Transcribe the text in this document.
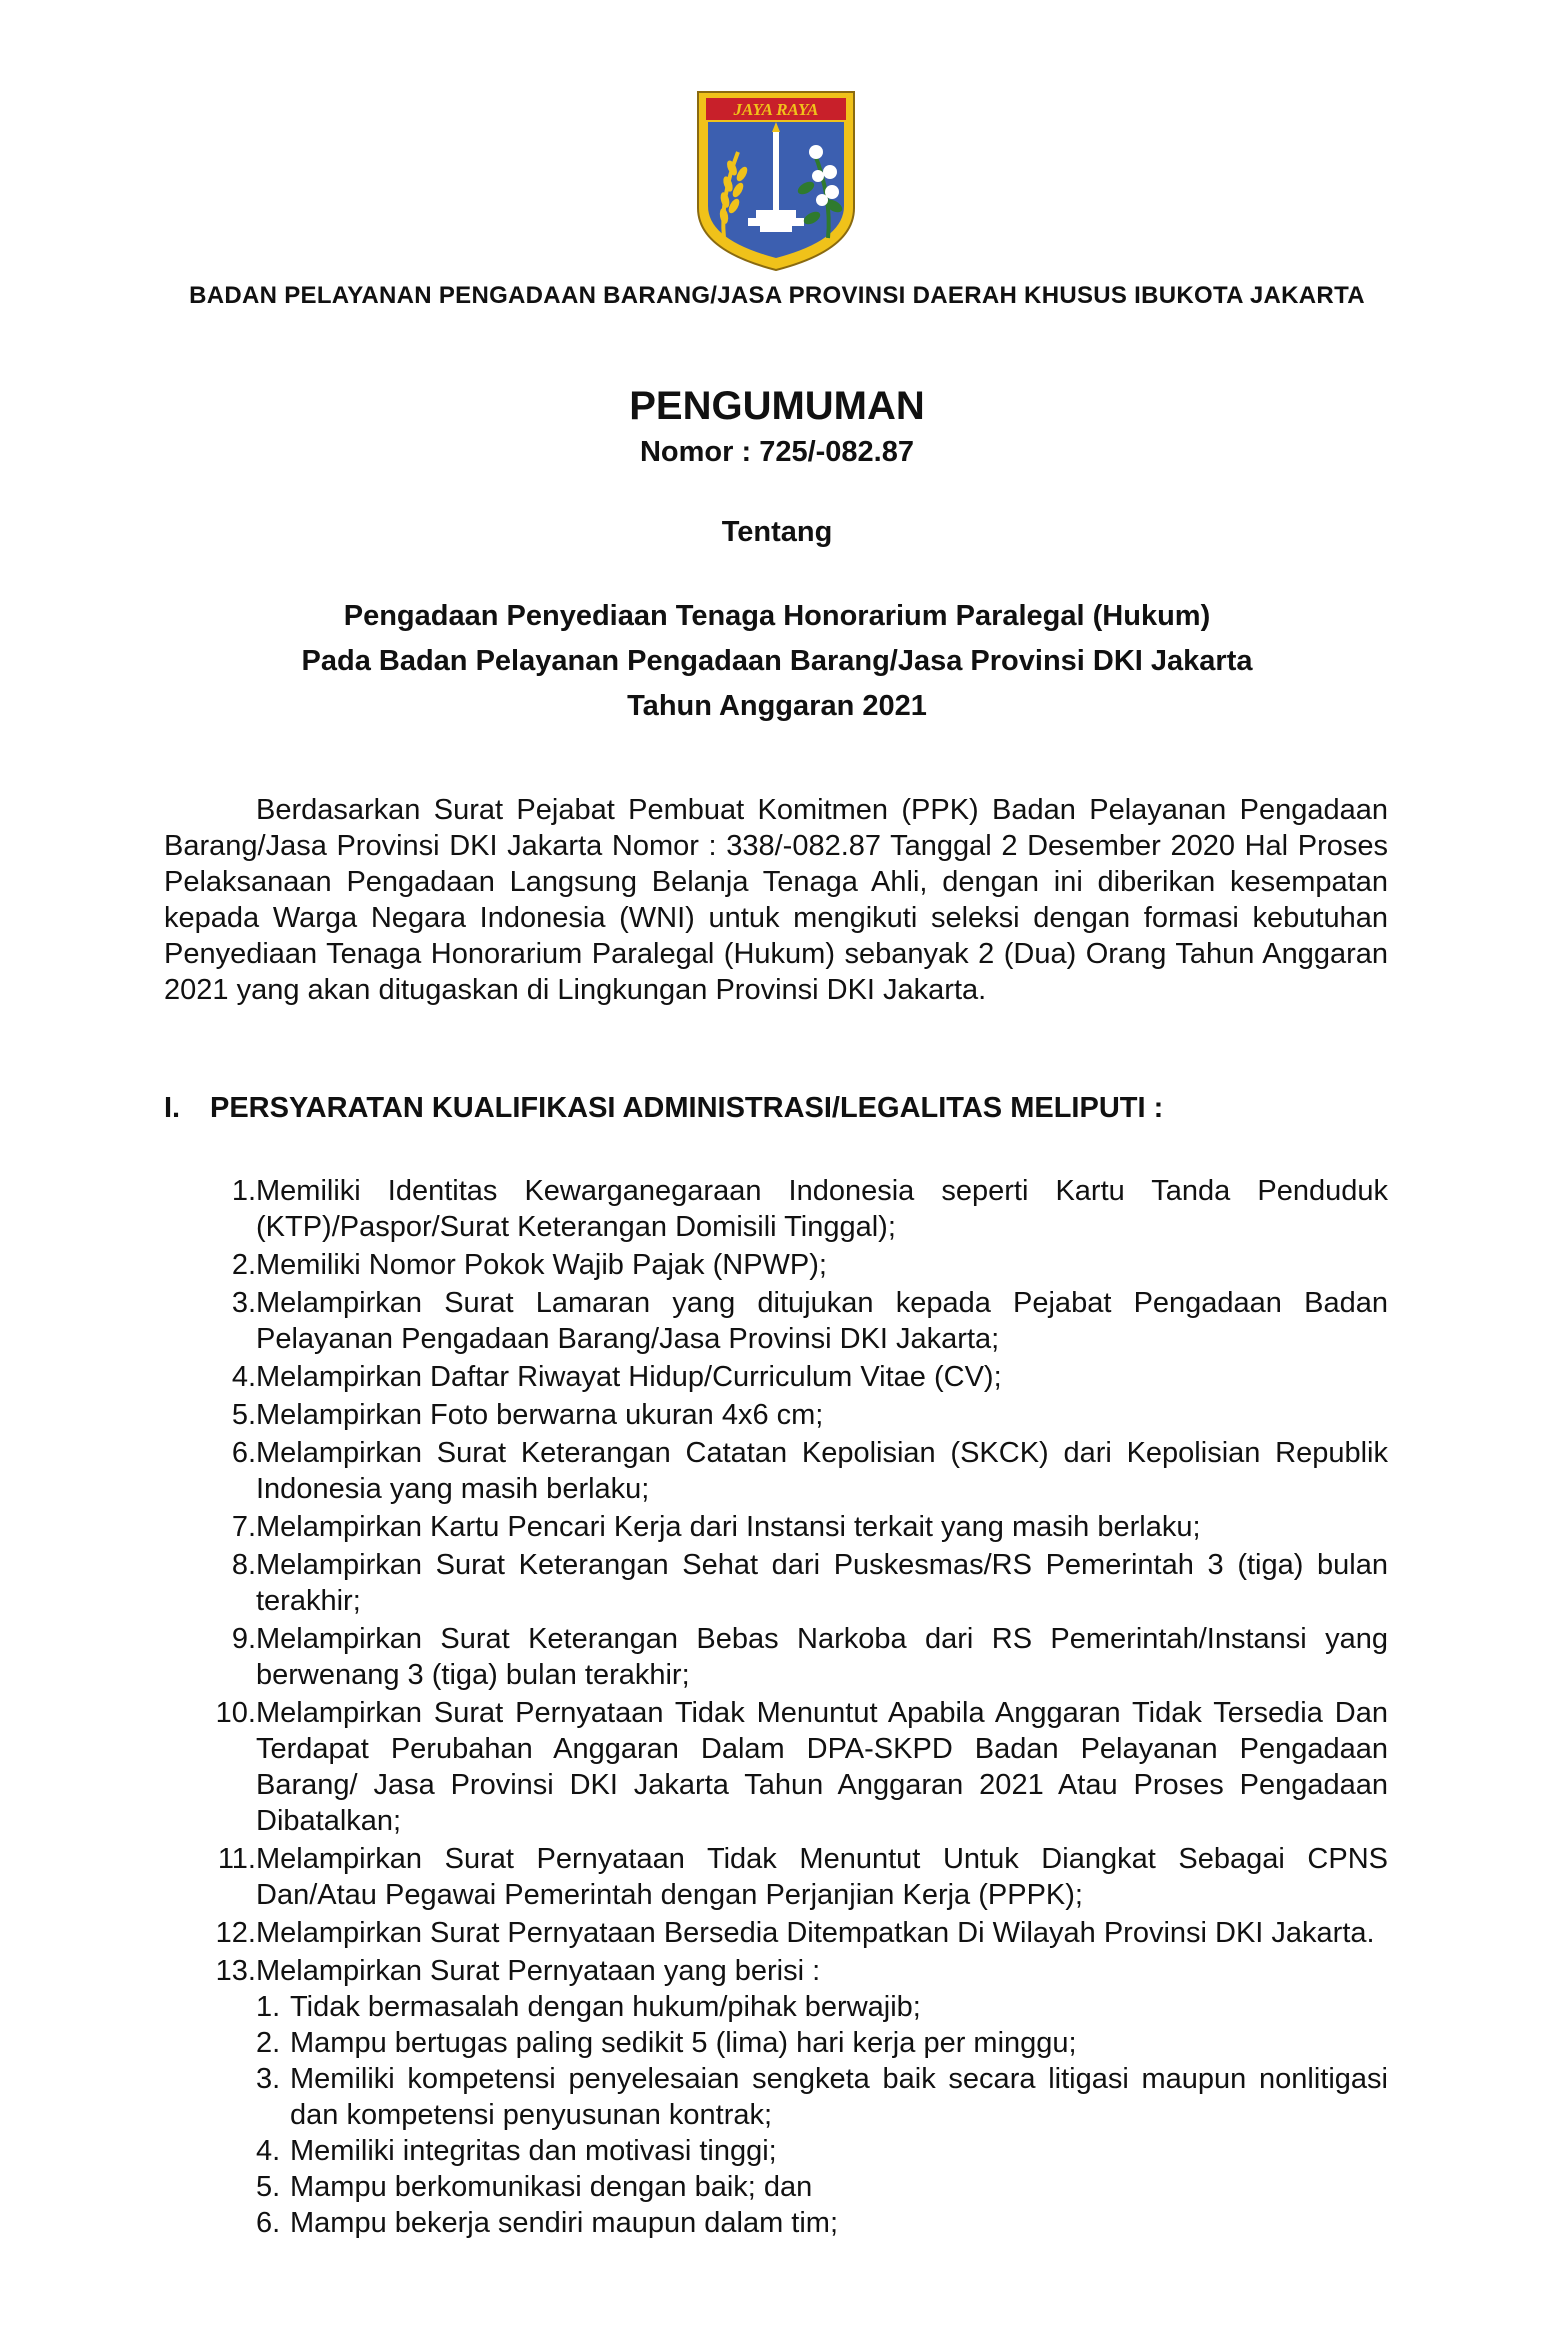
JAYA RAYA
BADAN PELAYANAN PENGADAAN BARANG/JASA PROVINSI DAERAH KHUSUS IBUKOTA JAKARTA
PENGUMUMAN
Nomor : 725/-082.87
Tentang
Pengadaan Penyediaan Tenaga Honorarium Paralegal (Hukum)
Pada Badan Pelayanan Pengadaan Barang/Jasa Provinsi DKI Jakarta
Tahun Anggaran 2021

Berdasarkan Surat Pejabat Pembuat Komitmen (PPK) Badan Pelayanan Pengadaan Barang/Jasa Provinsi DKI Jakarta Nomor : 338/-082.87 Tanggal 2 Desember 2020 Hal Proses Pelaksanaan Pengadaan Langsung Belanja Tenaga Ahli, dengan ini diberikan kesempatan kepada Warga Negara Indonesia (WNI) untuk mengikuti seleksi dengan formasi kebutuhan Penyediaan Tenaga Honorarium Paralegal (Hukum) sebanyak 2 (Dua) Orang Tahun Anggaran 2021 yang akan ditugaskan di Lingkungan Provinsi DKI Jakarta.

I. PERSYARATAN KUALIFIKASI ADMINISTRASI/LEGALITAS MELIPUTI :
1. Memiliki Identitas Kewarganegaraan Indonesia seperti Kartu Tanda Penduduk (KTP)/Paspor/Surat Keterangan Domisili Tinggal);
2. Memiliki Nomor Pokok Wajib Pajak (NPWP);
3. Melampirkan Surat Lamaran yang ditujukan kepada Pejabat Pengadaan Badan Pelayanan Pengadaan Barang/Jasa Provinsi DKI Jakarta;
4. Melampirkan Daftar Riwayat Hidup/Curriculum Vitae (CV);
5. Melampirkan Foto berwarna ukuran 4x6 cm;
6. Melampirkan Surat Keterangan Catatan Kepolisian (SKCK) dari Kepolisian Republik Indonesia yang masih berlaku;
7. Melampirkan Kartu Pencari Kerja dari Instansi terkait yang masih berlaku;
8. Melampirkan Surat Keterangan Sehat dari Puskesmas/RS Pemerintah 3 (tiga) bulan terakhir;
9. Melampirkan Surat Keterangan Bebas Narkoba dari RS Pemerintah/Instansi yang berwenang 3 (tiga) bulan terakhir;
10. Melampirkan Surat Pernyataan Tidak Menuntut Apabila Anggaran Tidak Tersedia Dan Terdapat Perubahan Anggaran Dalam DPA-SKPD Badan Pelayanan Pengadaan Barang/ Jasa Provinsi DKI Jakarta Tahun Anggaran 2021 Atau Proses Pengadaan Dibatalkan;
11. Melampirkan Surat Pernyataan Tidak Menuntut Untuk Diangkat Sebagai CPNS Dan/Atau Pegawai Pemerintah dengan Perjanjian Kerja (PPPK);
12. Melampirkan Surat Pernyataan Bersedia Ditempatkan Di Wilayah Provinsi DKI Jakarta.
13. Melampirkan Surat Pernyataan yang berisi :
1. Tidak bermasalah dengan hukum/pihak berwajib;
2. Mampu bertugas paling sedikit 5 (lima) hari kerja per minggu;
3. Memiliki kompetensi penyelesaian sengketa baik secara litigasi maupun nonlitigasi dan kompetensi penyusunan kontrak;
4. Memiliki integritas dan motivasi tinggi;
5. Mampu berkomunikasi dengan baik; dan
6. Mampu bekerja sendiri maupun dalam tim;
